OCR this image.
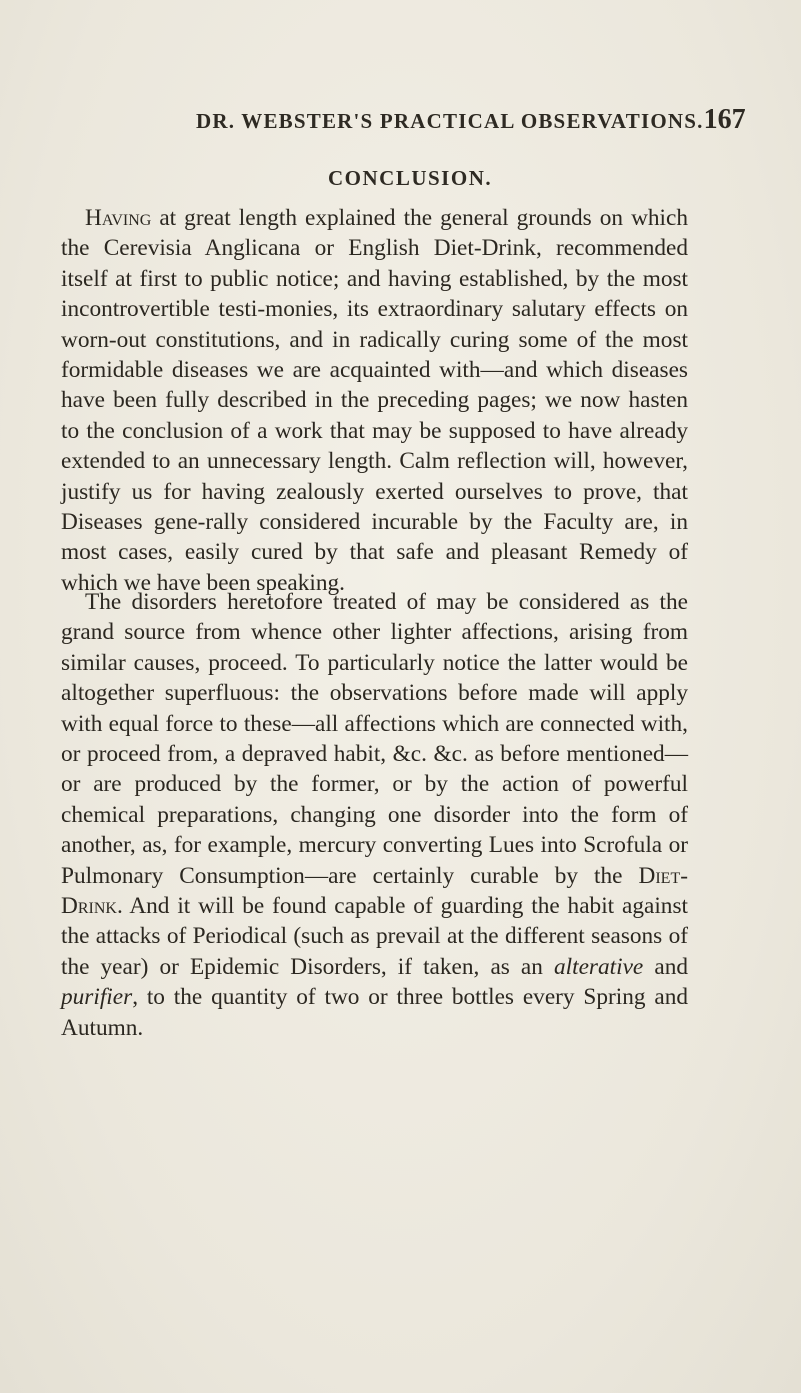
DR. WEBSTER'S PRACTICAL OBSERVATIONS. 167
CONCLUSION.

Having at great length explained the general grounds on which the Cerevisia Anglicana or English Diet-Drink, recommended itself at first to public notice; and having established, by the most incontrovertible testi-monies, its extraordinary salutary effects on worn-out constitutions, and in radically curing some of the most formidable diseases we are acquainted with—and which diseases have been fully described in the preceding pages; we now hasten to the conclusion of a work that may be supposed to have already extended to an unnecessary length. Calm reflection will, however, justify us for having zealously exerted ourselves to prove, that Diseases gene-rally considered incurable by the Faculty are, in most cases, easily cured by that safe and pleasant Remedy of which we have been speaking.

The disorders heretofore treated of may be considered as the grand source from whence other lighter affections, arising from similar causes, proceed. To particularly notice the latter would be altogether superfluous: the observations before made will apply with equal force to these—all affections which are connected with, or proceed from, a depraved habit, &c. &c. as before mentioned—or are produced by the former, or by the action of powerful chemical preparations, changing one disorder into the form of another, as, for example, mercury converting Lues into Scrofula or Pulmonary Consumption—are certainly curable by the Diet-Drink. And it will be found capable of guarding the habit against the attacks of Periodical (such as prevail at the different seasons of the year) or Epidemic Disorders, if taken, as an alterative and purifier, to the quantity of two or three bottles every Spring and Autumn.
